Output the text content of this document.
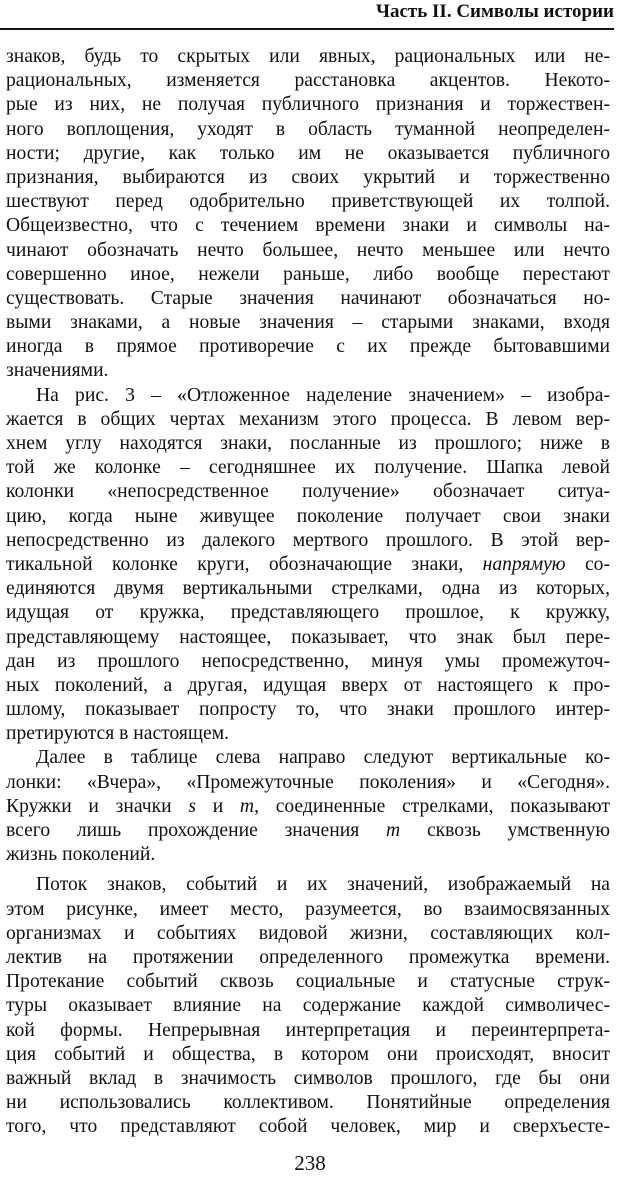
Часть II. Символы истории
знаков, будь то скрытых или явных, рациональных или не-
рациональных, изменяется расстановка акцентов. Некото-
рые из них, не получая публичного признания и торжествен-
ного воплощения, уходят в область туманной неопределен-
ности; другие, как только им не оказывается публичного
признания, выбираются из своих укрытий и торжественно
шествуют перед одобрительно приветствующей их толпой.
Общеизвестно, что с течением времени знаки и символы на-
чинают обозначать нечто большее, нечто меньшее или нечто
совершенно иное, нежели раньше, либо вообще перестают
существовать. Старые значения начинают обозначаться но-
выми знаками, а новые значения – старыми знаками, входя
иногда в прямое противоречие с их прежде бытовавшими
значениями.
На рис. 3 – «Отложенное наделение значением» – изобра-
жается в общих чертах механизм этого процесса. В левом вер-
хнем углу находятся знаки, посланные из прошлого; ниже в
той же колонке – сегодняшнее их получение. Шапка левой
колонки «непосредственное получение» обозначает ситуа-
цию, когда ныне живущее поколение получает свои знаки
непосредственно из далекого мертвого прошлого. В этой вер-
тикальной колонке круги, обозначающие знаки, напрямую со-
единяются двумя вертикальными стрелками, одна из которых,
идущая от кружка, представляющего прошлое, к кружку,
представляющему настоящее, показывает, что знак был пере-
дан из прошлого непосредственно, минуя умы промежуточ-
ных поколений, а другая, идущая вверх от настоящего к про-
шлому, показывает попросту то, что знаки прошлого интер-
претируются в настоящем.
Далее в таблице слева направо следуют вертикальные ко-
лонки: «Вчера», «Промежуточные поколения» и «Сегодня».
Кружки и значки s и m, соединенные стрелками, показывают
всего лишь прохождение значения m сквозь умственную
жизнь поколений.
Поток знаков, событий и их значений, изображаемый на
этом рисунке, имеет место, разумеется, во взаимосвязанных
организмах и событиях видовой жизни, составляющих кол-
лектив на протяжении определенного промежутка времени.
Протекание событий сквозь социальные и статусные струк-
туры оказывает влияние на содержание каждой символичес-
кой формы. Непрерывная интерпретация и переинтерпрета-
ция событий и общества, в котором они происходят, вносит
важный вклад в значимость символов прошлого, где бы они
ни использовались коллективом. Понятийные определения
того, что представляют собой человек, мир и сверхъесте-
238
